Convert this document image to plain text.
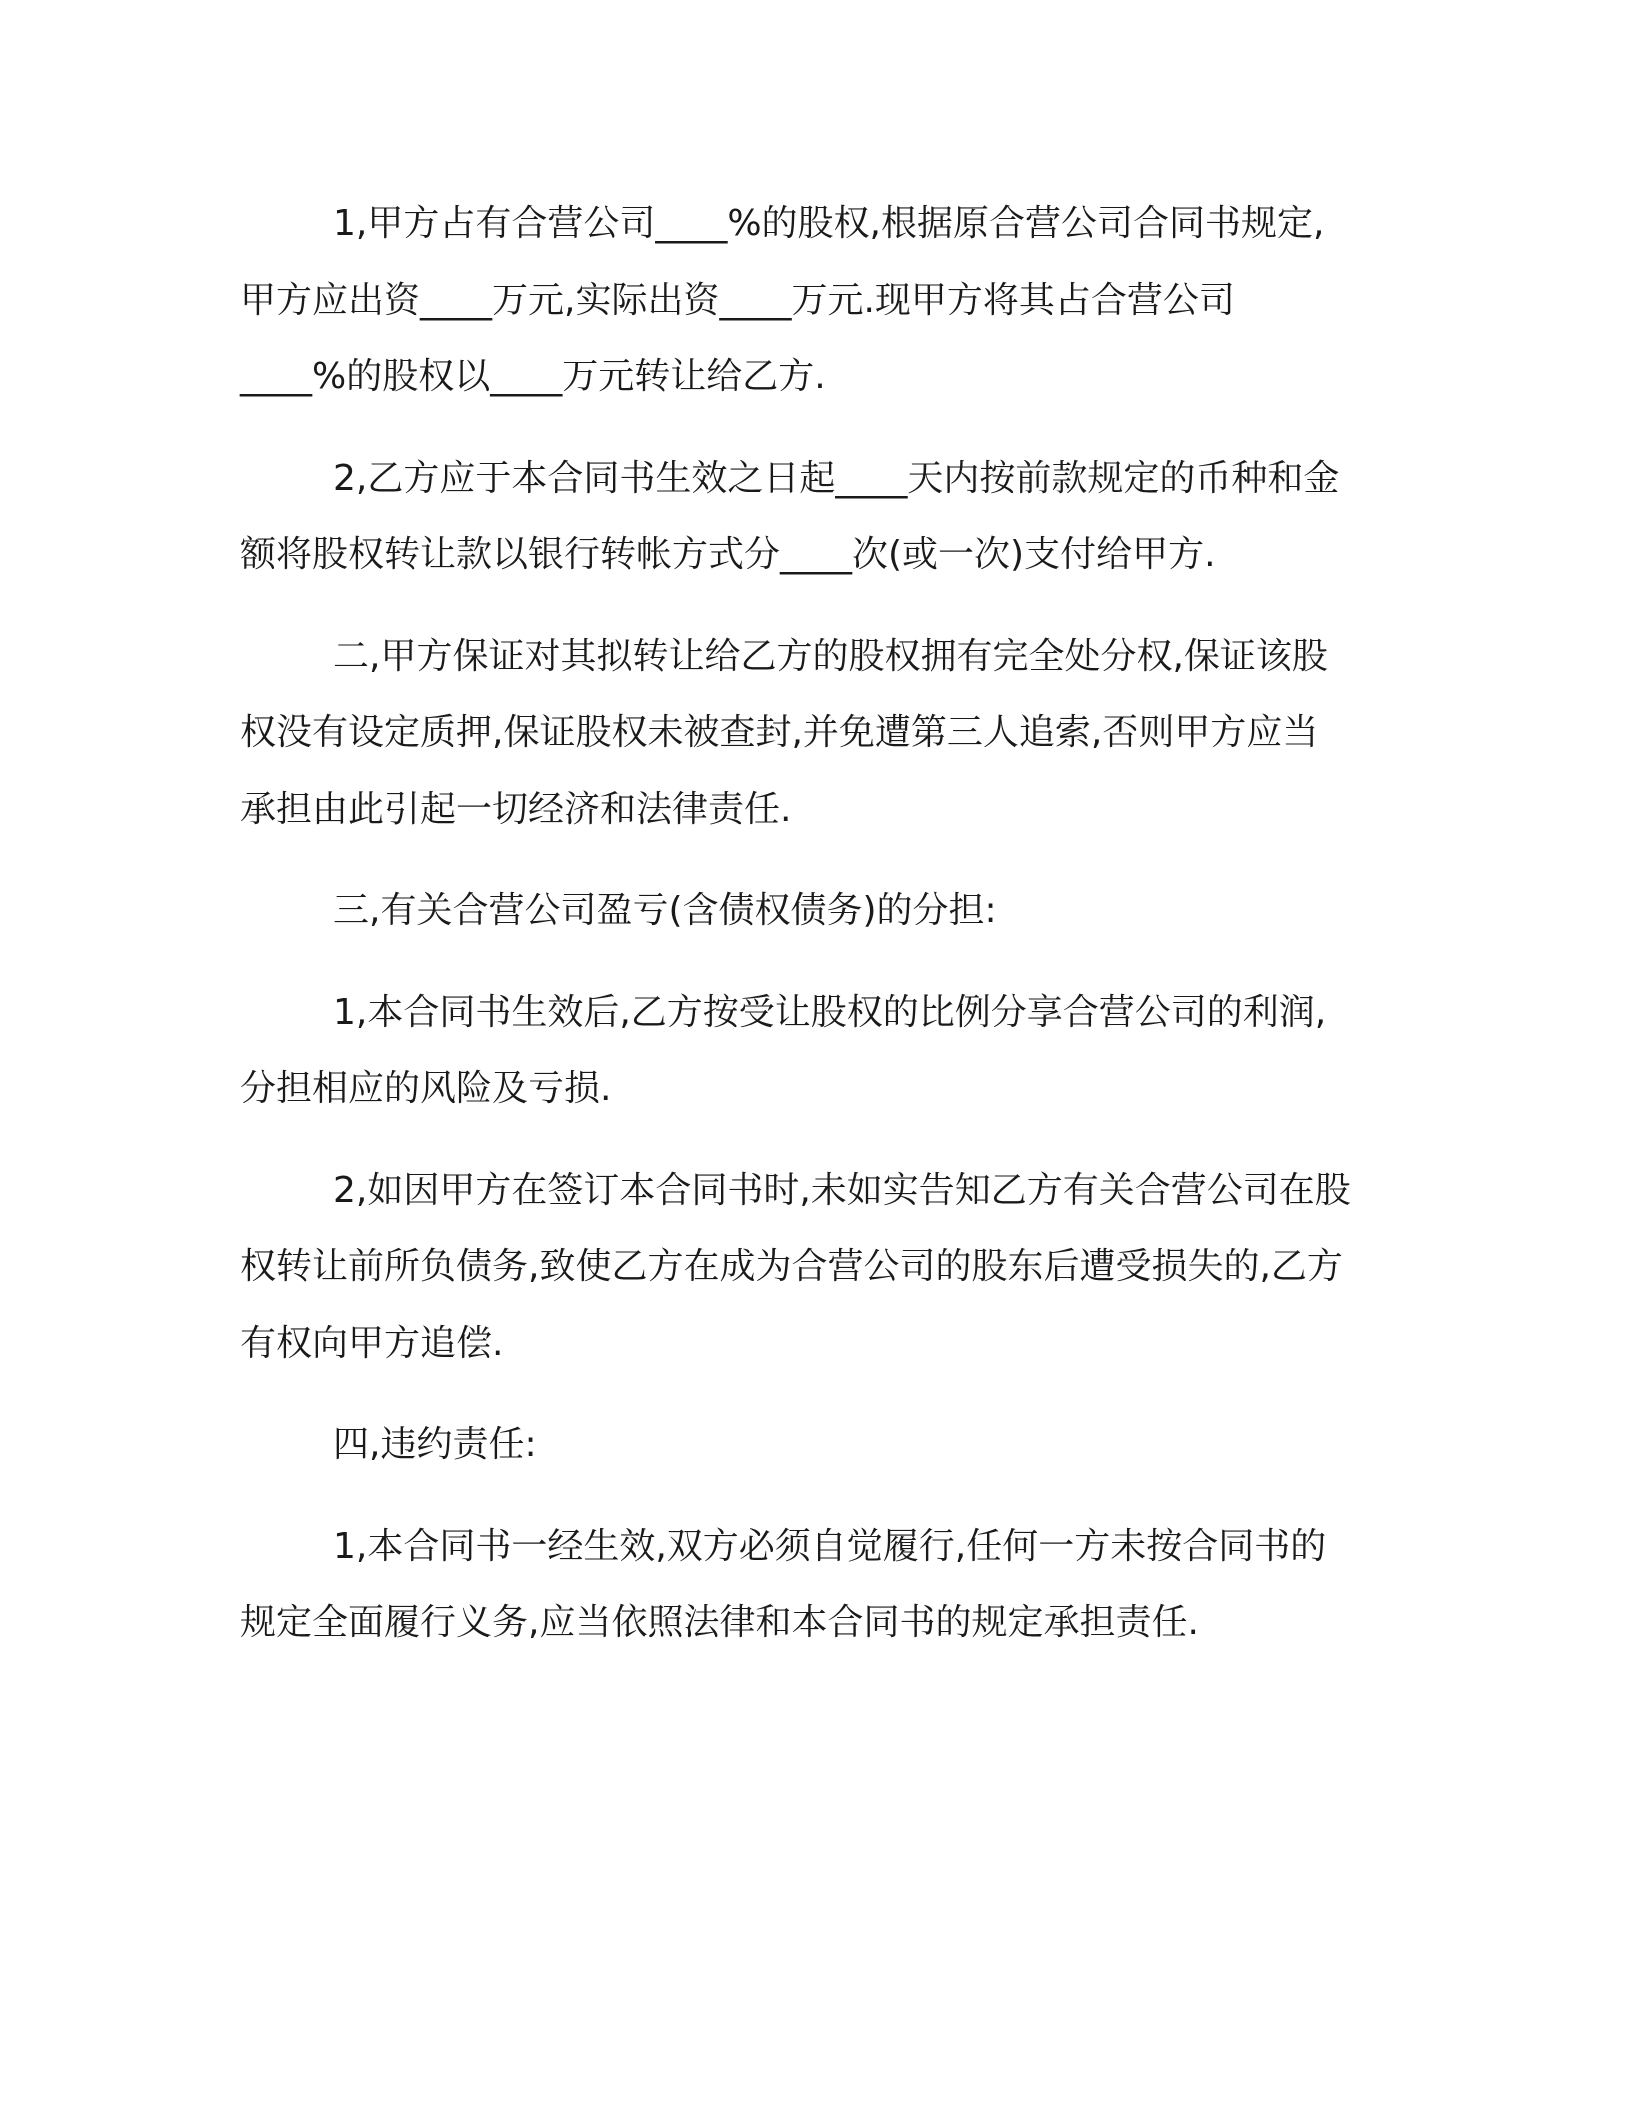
1,甲方占有合营公司____%的股权,根据原合营公司合同书规定,
甲方应出资____万元,实际出资____万元.现甲方将其占合营公司
____%的股权以____万元转让给乙方.

2,乙方应于本合同书生效之日起____天内按前款规定的币种和金
额将股权转让款以银行转帐方式分____次(或一次)支付给甲方.

二,甲方保证对其拟转让给乙方的股权拥有完全处分权,保证该股
权没有设定质押,保证股权未被查封,并免遭第三人追索,否则甲方应当
承担由此引起一切经济和法律责任.

三,有关合营公司盈亏(含债权债务)的分担:

1,本合同书生效后,乙方按受让股权的比例分享合营公司的利润,
分担相应的风险及亏损.

2,如因甲方在签订本合同书时,未如实告知乙方有关合营公司在股
权转让前所负债务,致使乙方在成为合营公司的股东后遭受损失的,乙方
有权向甲方追偿.

四,违约责任:

1,本合同书一经生效,双方必须自觉履行,任何一方未按合同书的
规定全面履行义务,应当依照法律和本合同书的规定承担责任.
